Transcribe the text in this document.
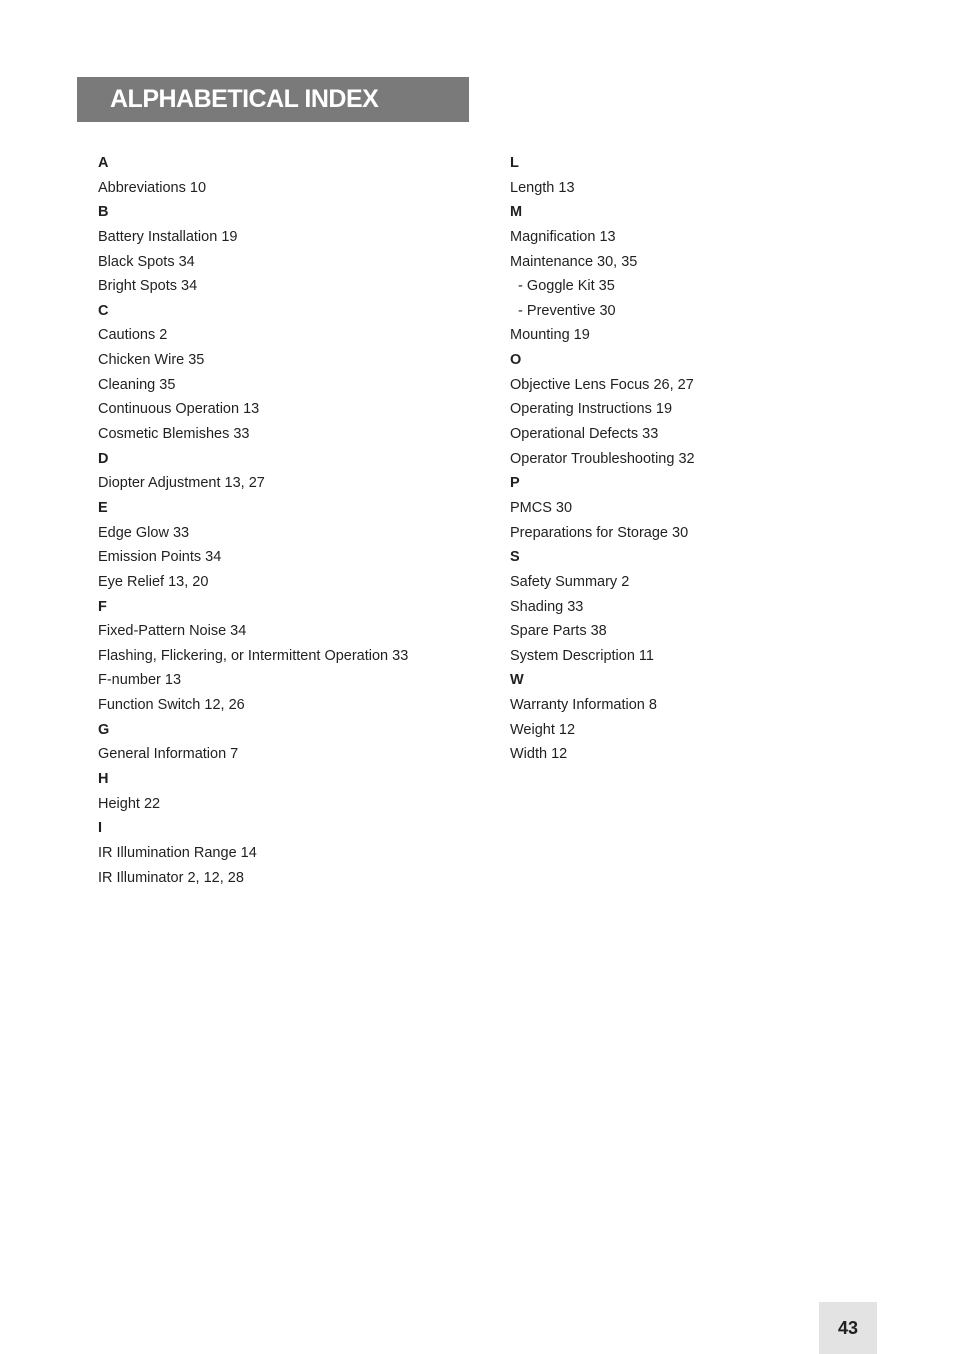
ALPHABETICAL INDEX
A
Abbreviations 10
B
Battery Installation 19
Black Spots 34
Bright Spots 34
C
Cautions 2
Chicken Wire 35
Cleaning 35
Continuous Operation 13
Cosmetic Blemishes 33
D
Diopter Adjustment 13, 27
E
Edge Glow 33
Emission Points 34
Eye Relief 13, 20
F
Fixed-Pattern Noise 34
Flashing, Flickering, or Intermittent Operation 33
F-number 13
Function Switch 12, 26
G
General Information 7
H
Height 22
I
IR Illumination Range 14
IR Illuminator 2, 12, 28
L
Length 13
M
Magnification 13
Maintenance 30, 35
- Goggle Kit 35
- Preventive 30
Mounting 19
O
Objective Lens Focus 26, 27
Operating Instructions 19
Operational Defects 33
Operator Troubleshooting 32
P
PMCS 30
Preparations for Storage 30
S
Safety Summary 2
Shading 33
Spare Parts 38
System Description 11
W
Warranty Information 8
Weight 12
Width 12
43
